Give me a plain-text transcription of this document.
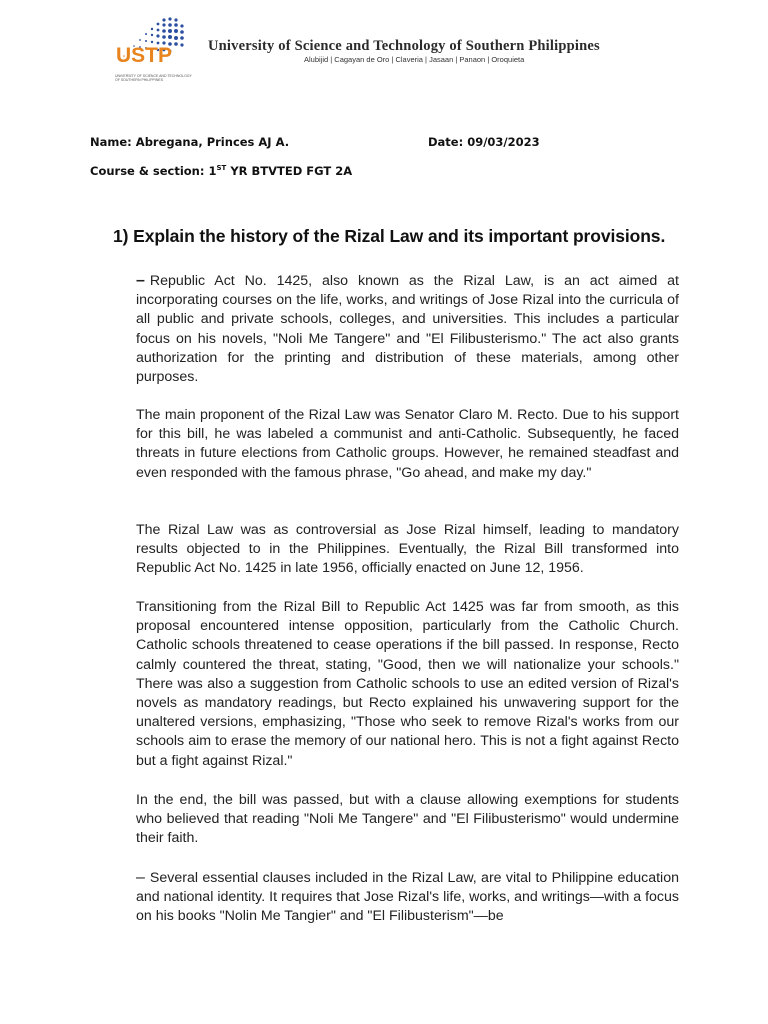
USTP
UNIVERSITY OF SCIENCE AND TECHNOLOGY OF SOUTHERN PHILIPPINES
University of Science and Technology of Southern Philippines
Alubijid | Cagayan de Oro | Claveria | Jasaan | Panaon | Oroquieta
Name: Abregana, Princes AJ A.	Date: 09/03/2023
Course & section: 1ST YR BTVTED FGT 2A
1) Explain the history of the Rizal Law and its important provisions.

– Republic Act No. 1425, also known as the Rizal Law, is an act aimed at incorporating courses on the life, works, and writings of Jose Rizal into the curricula of all public and private schools, colleges, and universities. This includes a particular focus on his novels, "Noli Me Tangere" and "El Filibusterismo." The act also grants authorization for the printing and distribution of these materials, among other purposes.

The main proponent of the Rizal Law was Senator Claro M. Recto. Due to his support for this bill, he was labeled a communist and anti-Catholic. Subsequently, he faced threats in future elections from Catholic groups. However, he remained steadfast and even responded with the famous phrase, "Go ahead, and make my day."

The Rizal Law was as controversial as Jose Rizal himself, leading to mandatory results objected to in the Philippines. Eventually, the Rizal Bill transformed into Republic Act No. 1425 in late 1956, officially enacted on June 12, 1956.

Transitioning from the Rizal Bill to Republic Act 1425 was far from smooth, as this proposal encountered intense opposition, particularly from the Catholic Church. Catholic schools threatened to cease operations if the bill passed. In response, Recto calmly countered the threat, stating, "Good, then we will nationalize your schools." There was also a suggestion from Catholic schools to use an edited version of Rizal's novels as mandatory readings, but Recto explained his unwavering support for the unaltered versions, emphasizing, "Those who seek to remove Rizal's works from our schools aim to erase the memory of our national hero. This is not a fight against Recto but a fight against Rizal."

In the end, the bill was passed, but with a clause allowing exemptions for students who believed that reading "Noli Me Tangere" and "El Filibusterismo" would undermine their faith.

– Several essential clauses included in the Rizal Law, are vital to Philippine education and national identity. It requires that Jose Rizal's life, works, and writings—with a focus on his books "Nolin Me Tangier" and "El Filibusterism"—be
